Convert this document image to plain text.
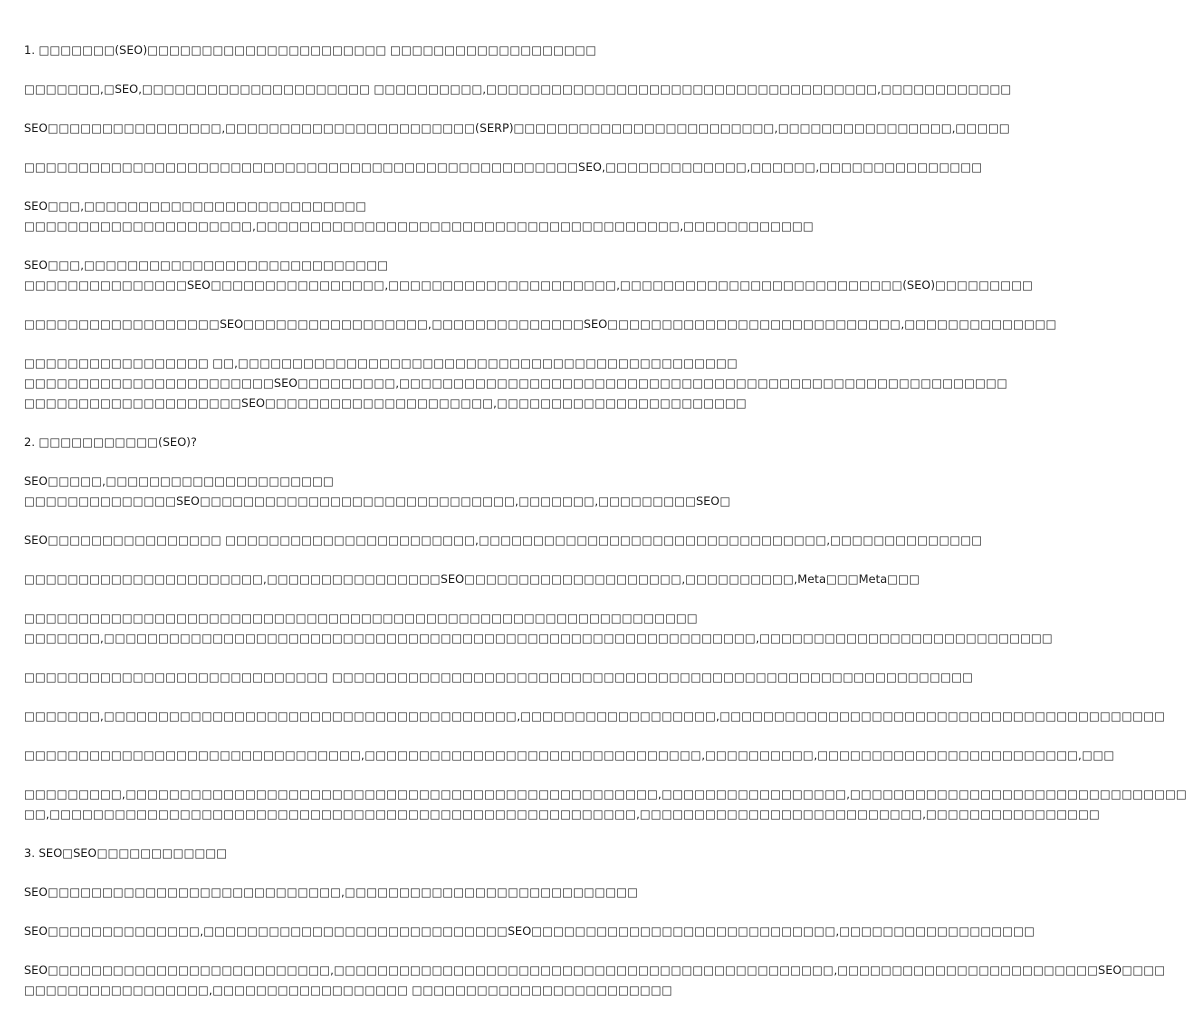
1. □□□□□□□(SEO)□□□□□□□□□□□□□□□□□□□□□□ □□□□□□□□□□□□□□□□□□□
□□□□□□□,□SEO,□□□□□□□□□□□□□□□□□□□□□ □□□□□□□□□□,□□□□□□□□□□□□□□□□□□□□□□□□□□□□□□□□□□□□,□□□□□□□□□□□□
SEO□□□□□□□□□□□□□□□□,□□□□□□□□□□□□□□□□□□□□□□□(SERP)□□□□□□□□□□□□□□□□□□□□□□□□,□□□□□□□□□□□□□□□□,□□□□□
□□□□□□□□□□□□□□□□□□□□□□□□□□□□□□□□□□□□□□□□□□□□□□□□□□□SEO,□□□□□□□□□□□□□,□□□□□□,□□□□□□□□□□□□□□□
SEO□□□,□□□□□□□□□□□□□□□□□□□□□□□□□□
□□□□□□□□□□□□□□□□□□□□□,□□□□□□□□□□□□□□□□□□□□□□□□□□□□□□□□□□□□□□□,□□□□□□□□□□□□
SEO□□□,□□□□□□□□□□□□□□□□□□□□□□□□□□□□
□□□□□□□□□□□□□□□SEO□□□□□□□□□□□□□□□□,□□□□□□□□□□□□□□□□□□□□□,□□□□□□□□□□□□□□□□□□□□□□□□□□(SEO)□□□□□□□□□
□□□□□□□□□□□□□□□□□□SEO□□□□□□□□□□□□□□□□□,□□□□□□□□□□□□□□SEO□□□□□□□□□□□□□□□□□□□□□□□□□□□,□□□□□□□□□□□□□□
□□□□□□□□□□□□□□□□□ □□,□□□□□□□□□□□□□□□□□□□□□□□□□□□□□□□□□□□□□□□□□□□□□□
□□□□□□□□□□□□□□□□□□□□□□□SEO□□□□□□□□□,□□□□□□□□□□□□□□□□□□□□□□□□□□□□□□□□□□□□□□□□□□□□□□□□□□□□□□□□
□□□□□□□□□□□□□□□□□□□□SEO□□□□□□□□□□□□□□□□□□□□□,□□□□□□□□□□□□□□□□□□□□□□□
2. □□□□□□□□□□□(SEO)?
SEO□□□□□,□□□□□□□□□□□□□□□□□□□□□
□□□□□□□□□□□□□□SEO□□□□□□□□□□□□□□□□□□□□□□□□□□□□□,□□□□□□□,□□□□□□□□□SEO□
SEO□□□□□□□□□□□□□□□□ □□□□□□□□□□□□□□□□□□□□□□□,□□□□□□□□□□□□□□□□□□□□□□□□□□□□□□□□,□□□□□□□□□□□□□□
□□□□□□□□□□□□□□□□□□□□□□,□□□□□□□□□□□□□□□□SEO□□□□□□□□□□□□□□□□□□□□,□□□□□□□□□□,Meta□□□Meta□□□
□□□□□□□□□□□□□□□□□□□□□□□□□□□□□□□□□□□□□□□□□□□□□□□□□□□□□□□□□□□□□□
□□□□□□□,□□□□□□□□□□□□□□□□□□□□□□□□□□□□□□□□□□□□□□□□□□□□□□□□□□□□□□□□□□□□,□□□□□□□□□□□□□□□□□□□□□□□□□□□
□□□□□□□□□□□□□□□□□□□□□□□□□□□□ □□□□□□□□□□□□□□□□□□□□□□□□□□□□□□□□□□□□□□□□□□□□□□□□□□□□□□□□□□□
□□□□□□□,□□□□□□□□□□□□□□□□□□□□□□□□□□□□□□□□□□□□□□,□□□□□□□□□□□□□□□□□□,□□□□□□□□□□□□□□□□□□□□□□□□□□□□□□□□□□□□□□□□□
□□□□□□□□□□□□□□□□□□□□□□□□□□□□□□□,□□□□□□□□□□□□□□□□□□□□□□□□□□□□□□□,□□□□□□□□□□,□□□□□□□□□□□□□□□□□□□□□□□□,□□□
□□□□□□□□□,□□□□□□□□□□□□□□□□□□□□□□□□□□□□□□□□□□□□□□□□□□□□□□□□□,□□□□□□□□□□□□□□□□□,□□□□□□□□□□□□□□□□□□□□□□□□□□□□□□□
□□,□□□□□□□□□□□□□□□□□□□□□□□□□□□□□□□□□□□□□□□□□□□□□□□□□□□□□□,□□□□□□□□□□□□□□□□□□□□□□□□□□,□□□□□□□□□□□□□□□□
3. SEO□SEO□□□□□□□□□□□□
SEO□□□□□□□□□□□□□□□□□□□□□□□□□□□,□□□□□□□□□□□□□□□□□□□□□□□□□□□
SEO□□□□□□□□□□□□□□,□□□□□□□□□□□□□□□□□□□□□□□□□□□□SEO□□□□□□□□□□□□□□□□□□□□□□□□□□□□,□□□□□□□□□□□□□□□□□□
SEO□□□□□□□□□□□□□□□□□□□□□□□□□□,□□□□□□□□□□□□□□□□□□□□□□□□□□□□□□□□□□□□□□□□□□□□□□,□□□□□□□□□□□□□□□□□□□□□□□□SEO□□□□
□□□□□□□□□□□□□□□□□,□□□□□□□□□□□□□□□□□□ □□□□□□□□□□□□□□□□□□□□□□□□
